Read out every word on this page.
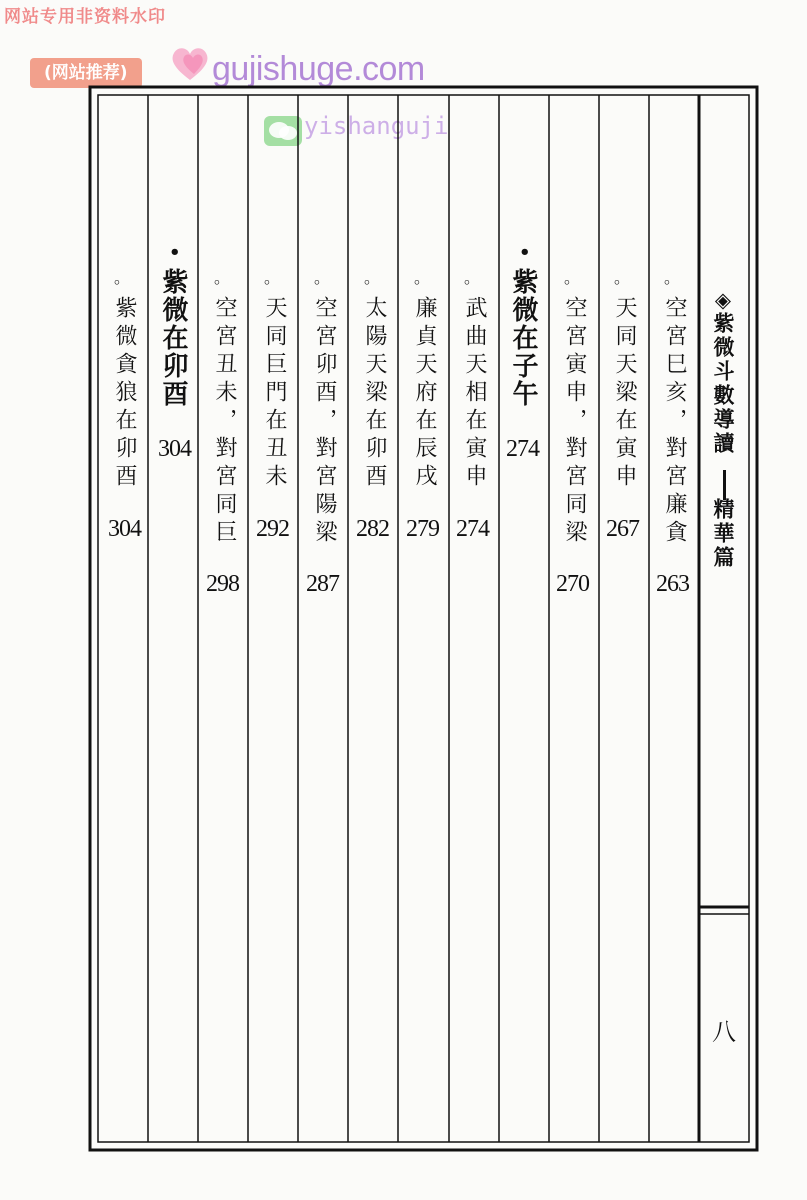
网站专用非资料水印
(网站推荐)	gujishuge.com
yishanguji
◈
紫微斗數導讀
精華篇
八
。
空宮巳亥，對宮廉貪
263
。
天同天梁在寅申
267
。
空宮寅申，對宮同梁
270
•
紫微在子午
274
。
武曲天相在寅申
274
。
廉貞天府在辰戌
279
。
太陽天梁在卯酉
282
。
空宮卯酉，對宮陽梁
287
。
天同巨門在丑未
292
。
空宮丑未，對宮同巨
298
•
紫微在卯酉
304
。
紫微貪狼在卯酉
304
